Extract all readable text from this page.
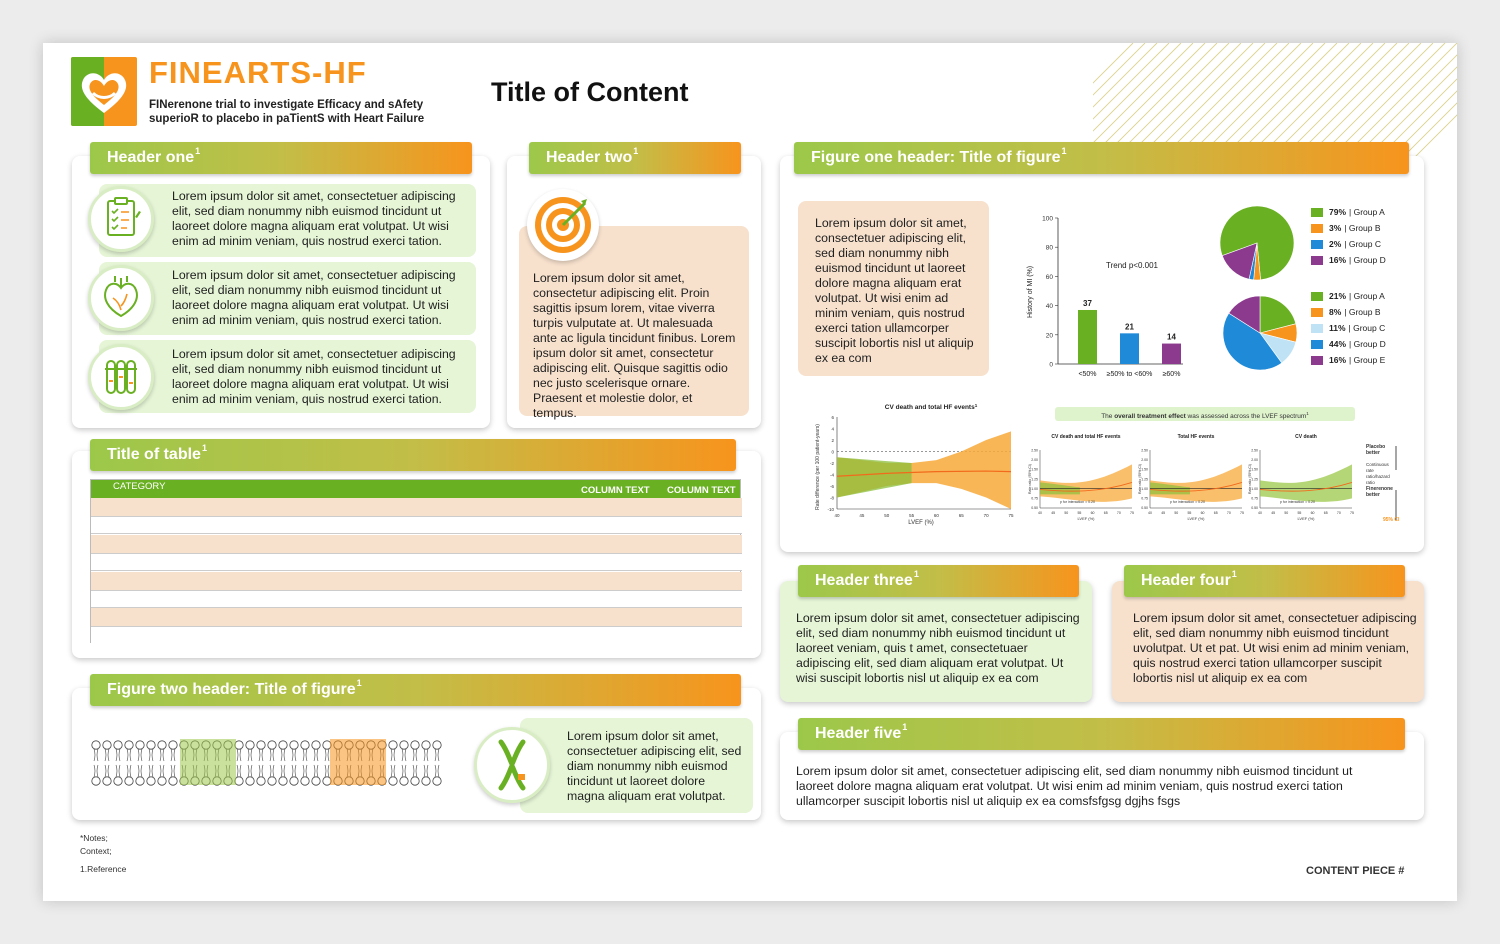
FINEARTS-HF
FINerenone trial to investigate Efficacy and sAfety
superioR to placebo in paTientS with Heart Failure
Title of Content
Header one$^1$
Lorem ipsum dolor sit amet, consectetuer adipiscing elit, sed diam nonummy nibh euismod tincidunt ut laoreet dolore magna aliquam erat volutpat. Ut wisi enim ad minim veniam, quis nostrud exerci tation.
Lorem ipsum dolor sit amet, consectetuer adipiscing elit, sed diam nonummy nibh euismod tincidunt ut laoreet dolore magna aliquam erat volutpat. Ut wisi enim ad minim veniam, quis nostrud exerci tation.
Lorem ipsum dolor sit amet, consectetuer adipiscing elit, sed diam nonummy nibh euismod tincidunt ut laoreet dolore magna aliquam erat volutpat. Ut wisi enim ad minim veniam, quis nostrud exerci tation.
Header two$^1$
Lorem ipsum dolor sit amet, consectetur adipiscing elit. Proin sagittis ipsum lorem, vitae viverra turpis vulputate at. Ut malesuada ante ac ligula tincidunt finibus. Lorem ipsum dolor sit amet, consectetur adipiscing elit. Quisque sagittis odio nec justo scelerisque ornare. Praesent et molestie dolor, et tempus.
Title of table$^1$
CATEGORY	COLUMN TEXT COLUMN TEXT
Figure two header: Title of figure$^1$
Lorem ipsum dolor sit amet, consectetuer adipiscing elit, sed diam nonummy nibh euismod tincidunt ut laoreet dolore magna aliquam erat volutpat.
*Notes;
Context;
1.Reference	CONTENT PIECE #
Figure one header: Title of figure$^1$
Lorem ipsum dolor sit amet, consectetuer adipiscing elit, sed diam nonummy nibh euismod tincidunt ut laoreet dolore magna aliquam erat volutpat. Ut wisi enim ad minim veniam, quis nostrud exerci tation ullamcorper suscipit lobortis nisl ut aliquip ex ea com
History of MI (%)
Trend p<0.001
0
20
40
60
80
100
37
<50%
21
≥50% to <60%
14
≥60%
79% | Group A
3% | Group B
2% | Group C
16% | Group D
21% | Group A
8% | Group B
11% | Group C
44% | Group D
16% | Group E
CV death and total HF events$^1$
6
4
2
0
-2
-4
-6
-8
-10
40	45	50	55	60	65	70	75
LVEF (%)
Rate difference (per 100 patient-years)
The overall treatment effect was assessed across the LVEF spectrum$^1$
CV death and total HF events
2.50
2.00
1.50
1.25
1.00
0.75
0.50
40	45	50	55	60	65	70	75
LVEF (%)
Rate ratio (95% CI)
p for interaction = 0.20
Total HF events
2.50
2.00
1.50
1.25
1.00
0.75
0.50
40	45	50	55	60	65	70	75
LVEF (%)
Rate ratio (95% CI)
p for interaction = 0.20
CV death
2.50
2.00
1.50
1.25
1.00
0.75
0.50
40	45	50	55	60	65	70	75
LVEF (%)
Rate ratio (95% CI)
p for interaction = 0.20
Placebo better
Continuous rate ratio/hazard ratio
Finerenone better
95% CI
Header three$^1$
Lorem ipsum dolor sit amet, consectetuer adipiscing elit, sed diam nonummy nibh euismod tincidunt ut laoreet veniam, quis t amet, consectetuaer adipiscing elit, sed diam aliquam erat volutpat. Ut wisi suscipit lobortis nisl ut aliquip ex ea com
Header four$^1$
Lorem ipsum dolor sit amet, consectetuer adipiscing elit, sed diam nonummy nibh euismod tincidunt uvolutpat. Ut et pat. Ut wisi enim ad minim veniam, quis nostrud exerci tation ullamcorper suscipit lobortis nisl ut aliquip ex ea com
Header five$^1$
Lorem ipsum dolor sit amet, consectetuer adipiscing elit, sed diam nonummy nibh euismod tincidunt ut laoreet dolore magna aliquam erat volutpat. Ut wisi enim ad minim veniam, quis nostrud exerci tation ullamcorper suscipit lobortis nisl ut aliquip ex ea comsfsfgsg dgjhs fsgs
